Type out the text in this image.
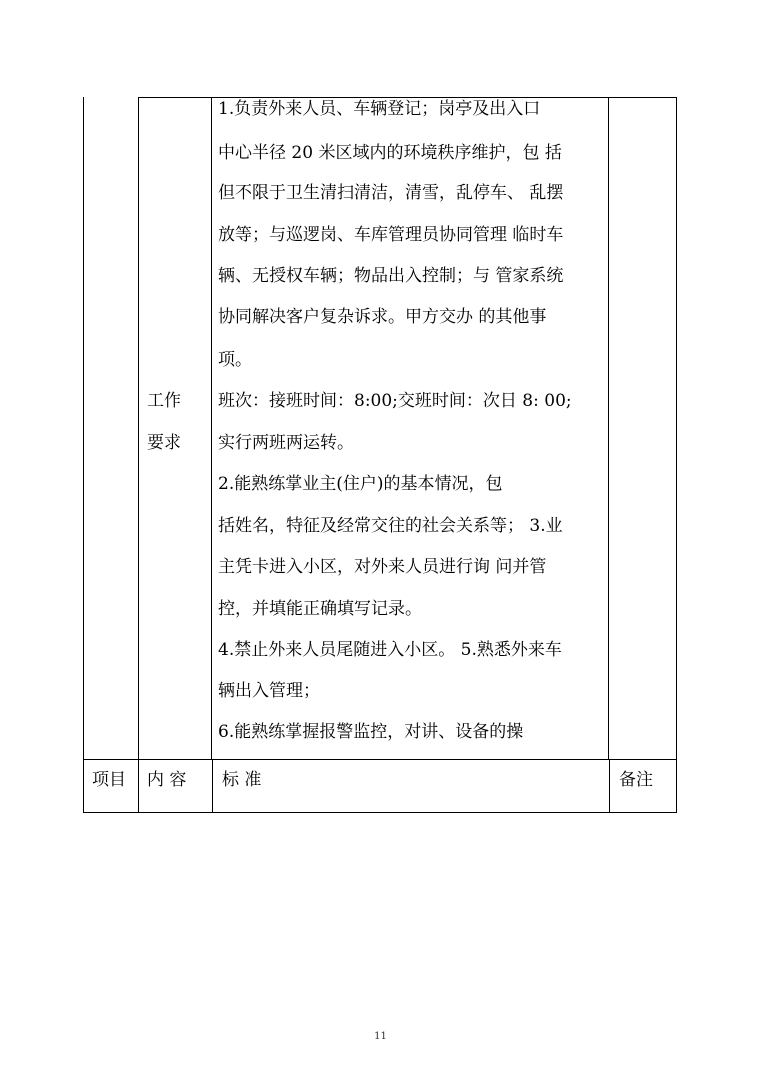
工作
要求
1.负责外来人员、车辆登记；岗亭及出入口
中心半径 20 米区域内的环境秩序维护，包 括
但不限于卫生清扫清洁，清雪，乱停车、 乱摆
放等；与巡逻岗、车库管理员协同管理 临时车
辆、无授权车辆；物品出入控制；与 管家系统
协同解决客户复杂诉求。甲方交办 的其他事
项。
班次：接班时间：8:00;交班时间：次日 8: 00;
实行两班两运转。
2.能熟练掌业主(住户)的基本情况，包
括姓名，特征及经常交往的社会关系等； 3.业
主凭卡进入小区，对外来人员进行询 问并管
控，并填能正确填写记录。
4.禁止外来人员尾随进入小区。 5.熟悉外来车
辆出入管理；
6.能熟练掌握报警监控，对讲、设备的操
项目 内 容 标 准	备注
11
